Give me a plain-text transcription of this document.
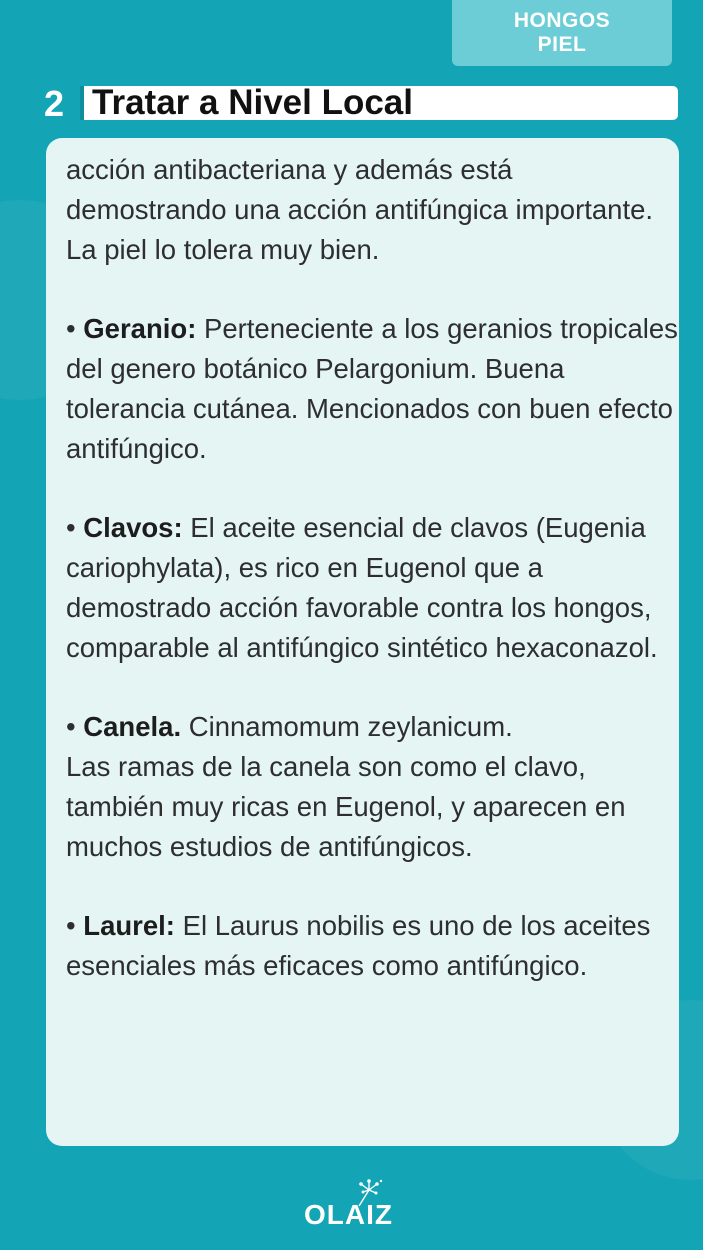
HONGOS
PIEL
2 Tratar a Nivel Local

acción antibacteriana y además está demostrando una acción antifúngica importante. La piel lo tolera muy bien.

• Geranio: Perteneciente a los geranios tropicales del genero botánico Pelargonium. Buena tolerancia cutánea. Mencionados con buen efecto antifúngico.

• Clavos: El aceite esencial de clavos (Eugenia cariophylata), es rico en Eugenol que a demostrado acción favorable contra los hongos, comparable al antifúngico sintético hexaconazol.

• Canela. Cinnamomum zeylanicum.
Las ramas de la canela son como el clavo, también muy ricas en Eugenol, y aparecen en muchos estudios de antifúngicos.

• Laurel: El Laurus nobilis es uno de los aceites esenciales más eficaces como antifúngico.

OLAIZ
